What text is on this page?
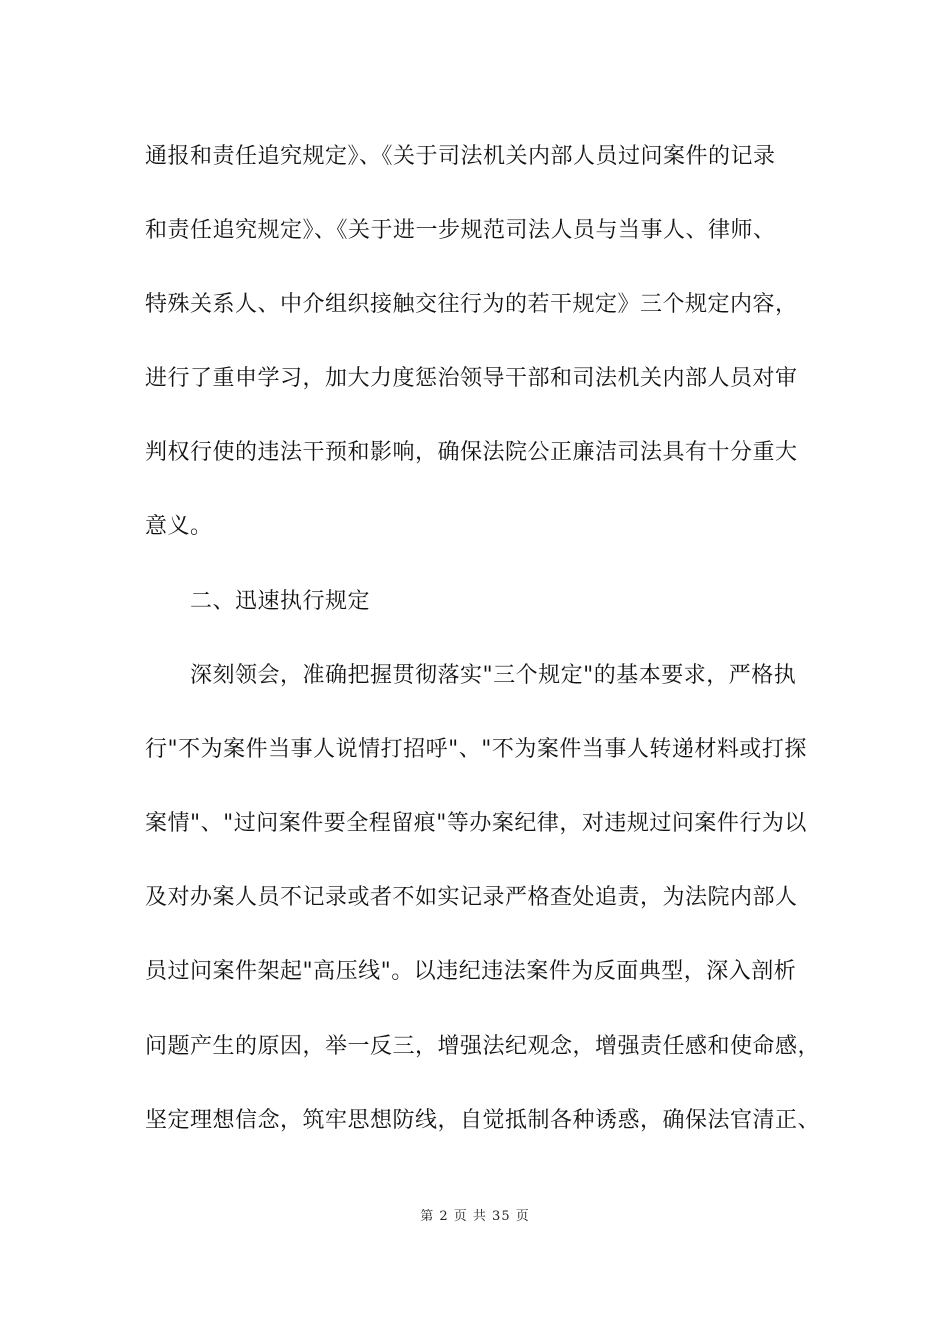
通报和责任追究规定》、《关于司法机关内部人员过问案件的记录
和责任追究规定》、《关于进一步规范司法人员与当事人、律师、
特殊关系人、中介组织接触交往行为的若干规定》三个规定内容，
进行了重申学习，加大力度惩治领导干部和司法机关内部人员对审
判权行使的违法干预和影响，确保法院公正廉洁司法具有十分重大
意义。
二、迅速执行规定
深刻领会，准确把握贯彻落实"三个规定"的基本要求，严格执
行"不为案件当事人说情打招呼"、"不为案件当事人转递材料或打探
案情"、"过问案件要全程留痕"等办案纪律，对违规过问案件行为以
及对办案人员不记录或者不如实记录严格查处追责，为法院内部人
员过问案件架起"高压线"。以违纪违法案件为反面典型，深入剖析
问题产生的原因，举一反三，增强法纪观念，增强责任感和使命感，
坚定理想信念，筑牢思想防线，自觉抵制各种诱惑，确保法官清正、
第 2 页 共 35 页
